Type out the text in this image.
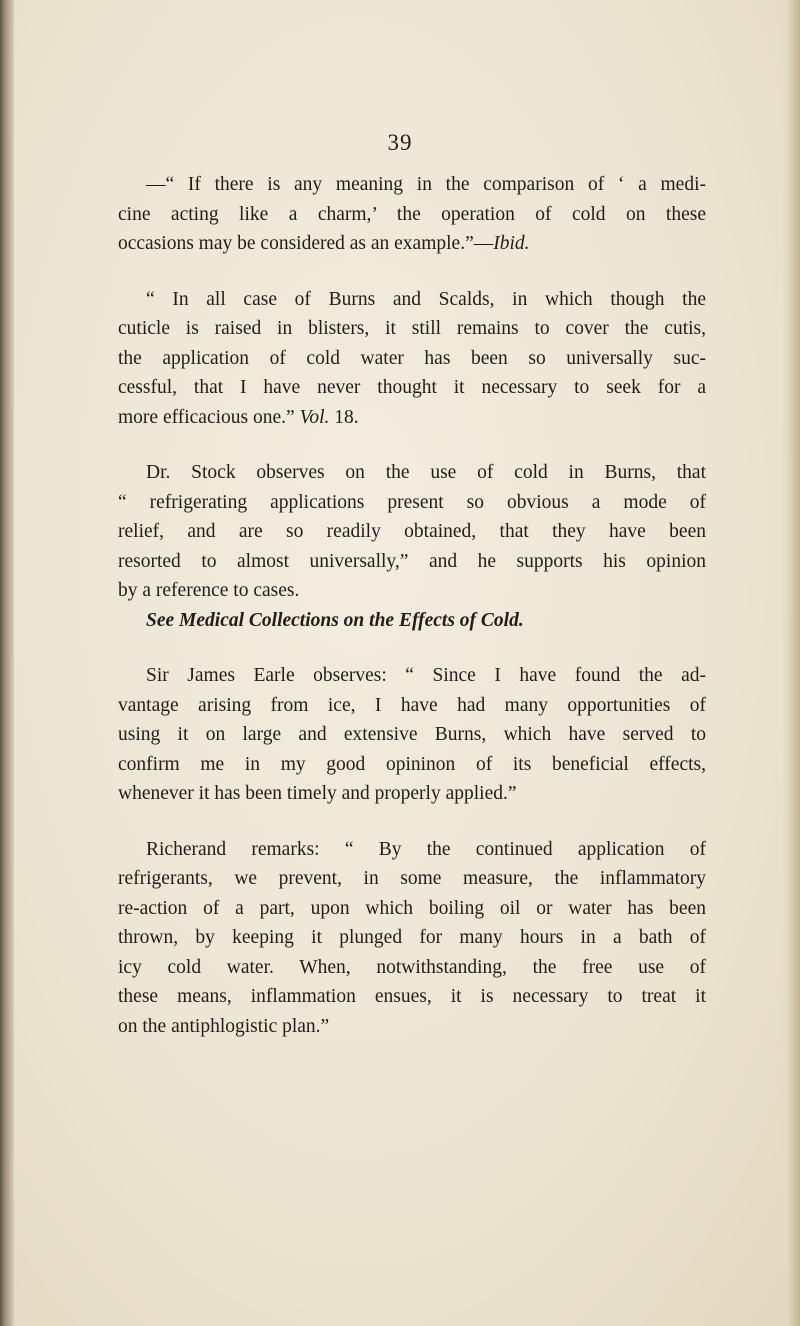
39
—“ If there is any meaning in the comparison of ‘ a medi-
cine acting like a charm,’ the operation of cold on these
occasions may be considered as an example.”—Ibid.
“ In all case of Burns and Scalds, in which though the
cuticle is raised in blisters, it still remains to cover the cutis,
the application of cold water has been so universally suc-
cessful, that I have never thought it necessary to seek for a
more efficacious one.” Vol. 18.
Dr. Stock observes on the use of cold in Burns, that
“ refrigerating applications present so obvious a mode of
relief, and are so readily obtained, that they have been
resorted to almost universally,” and he supports his opinion
by a reference to cases.
See Medical Collections on the Effects of Cold.
Sir James Earle observes: “ Since I have found the ad-
vantage arising from ice, I have had many opportunities of
using it on large and extensive Burns, which have served to
confirm me in my good opininon of its beneficial effects,
whenever it has been timely and properly applied.”
Richerand remarks: “ By the continued application of
refrigerants, we prevent, in some measure, the inflammatory
re-action of a part, upon which boiling oil or water has been
thrown, by keeping it plunged for many hours in a bath of
icy cold water. When, notwithstanding, the free use of
these means, inflammation ensues, it is necessary to treat it
on the antiphlogistic plan.”
